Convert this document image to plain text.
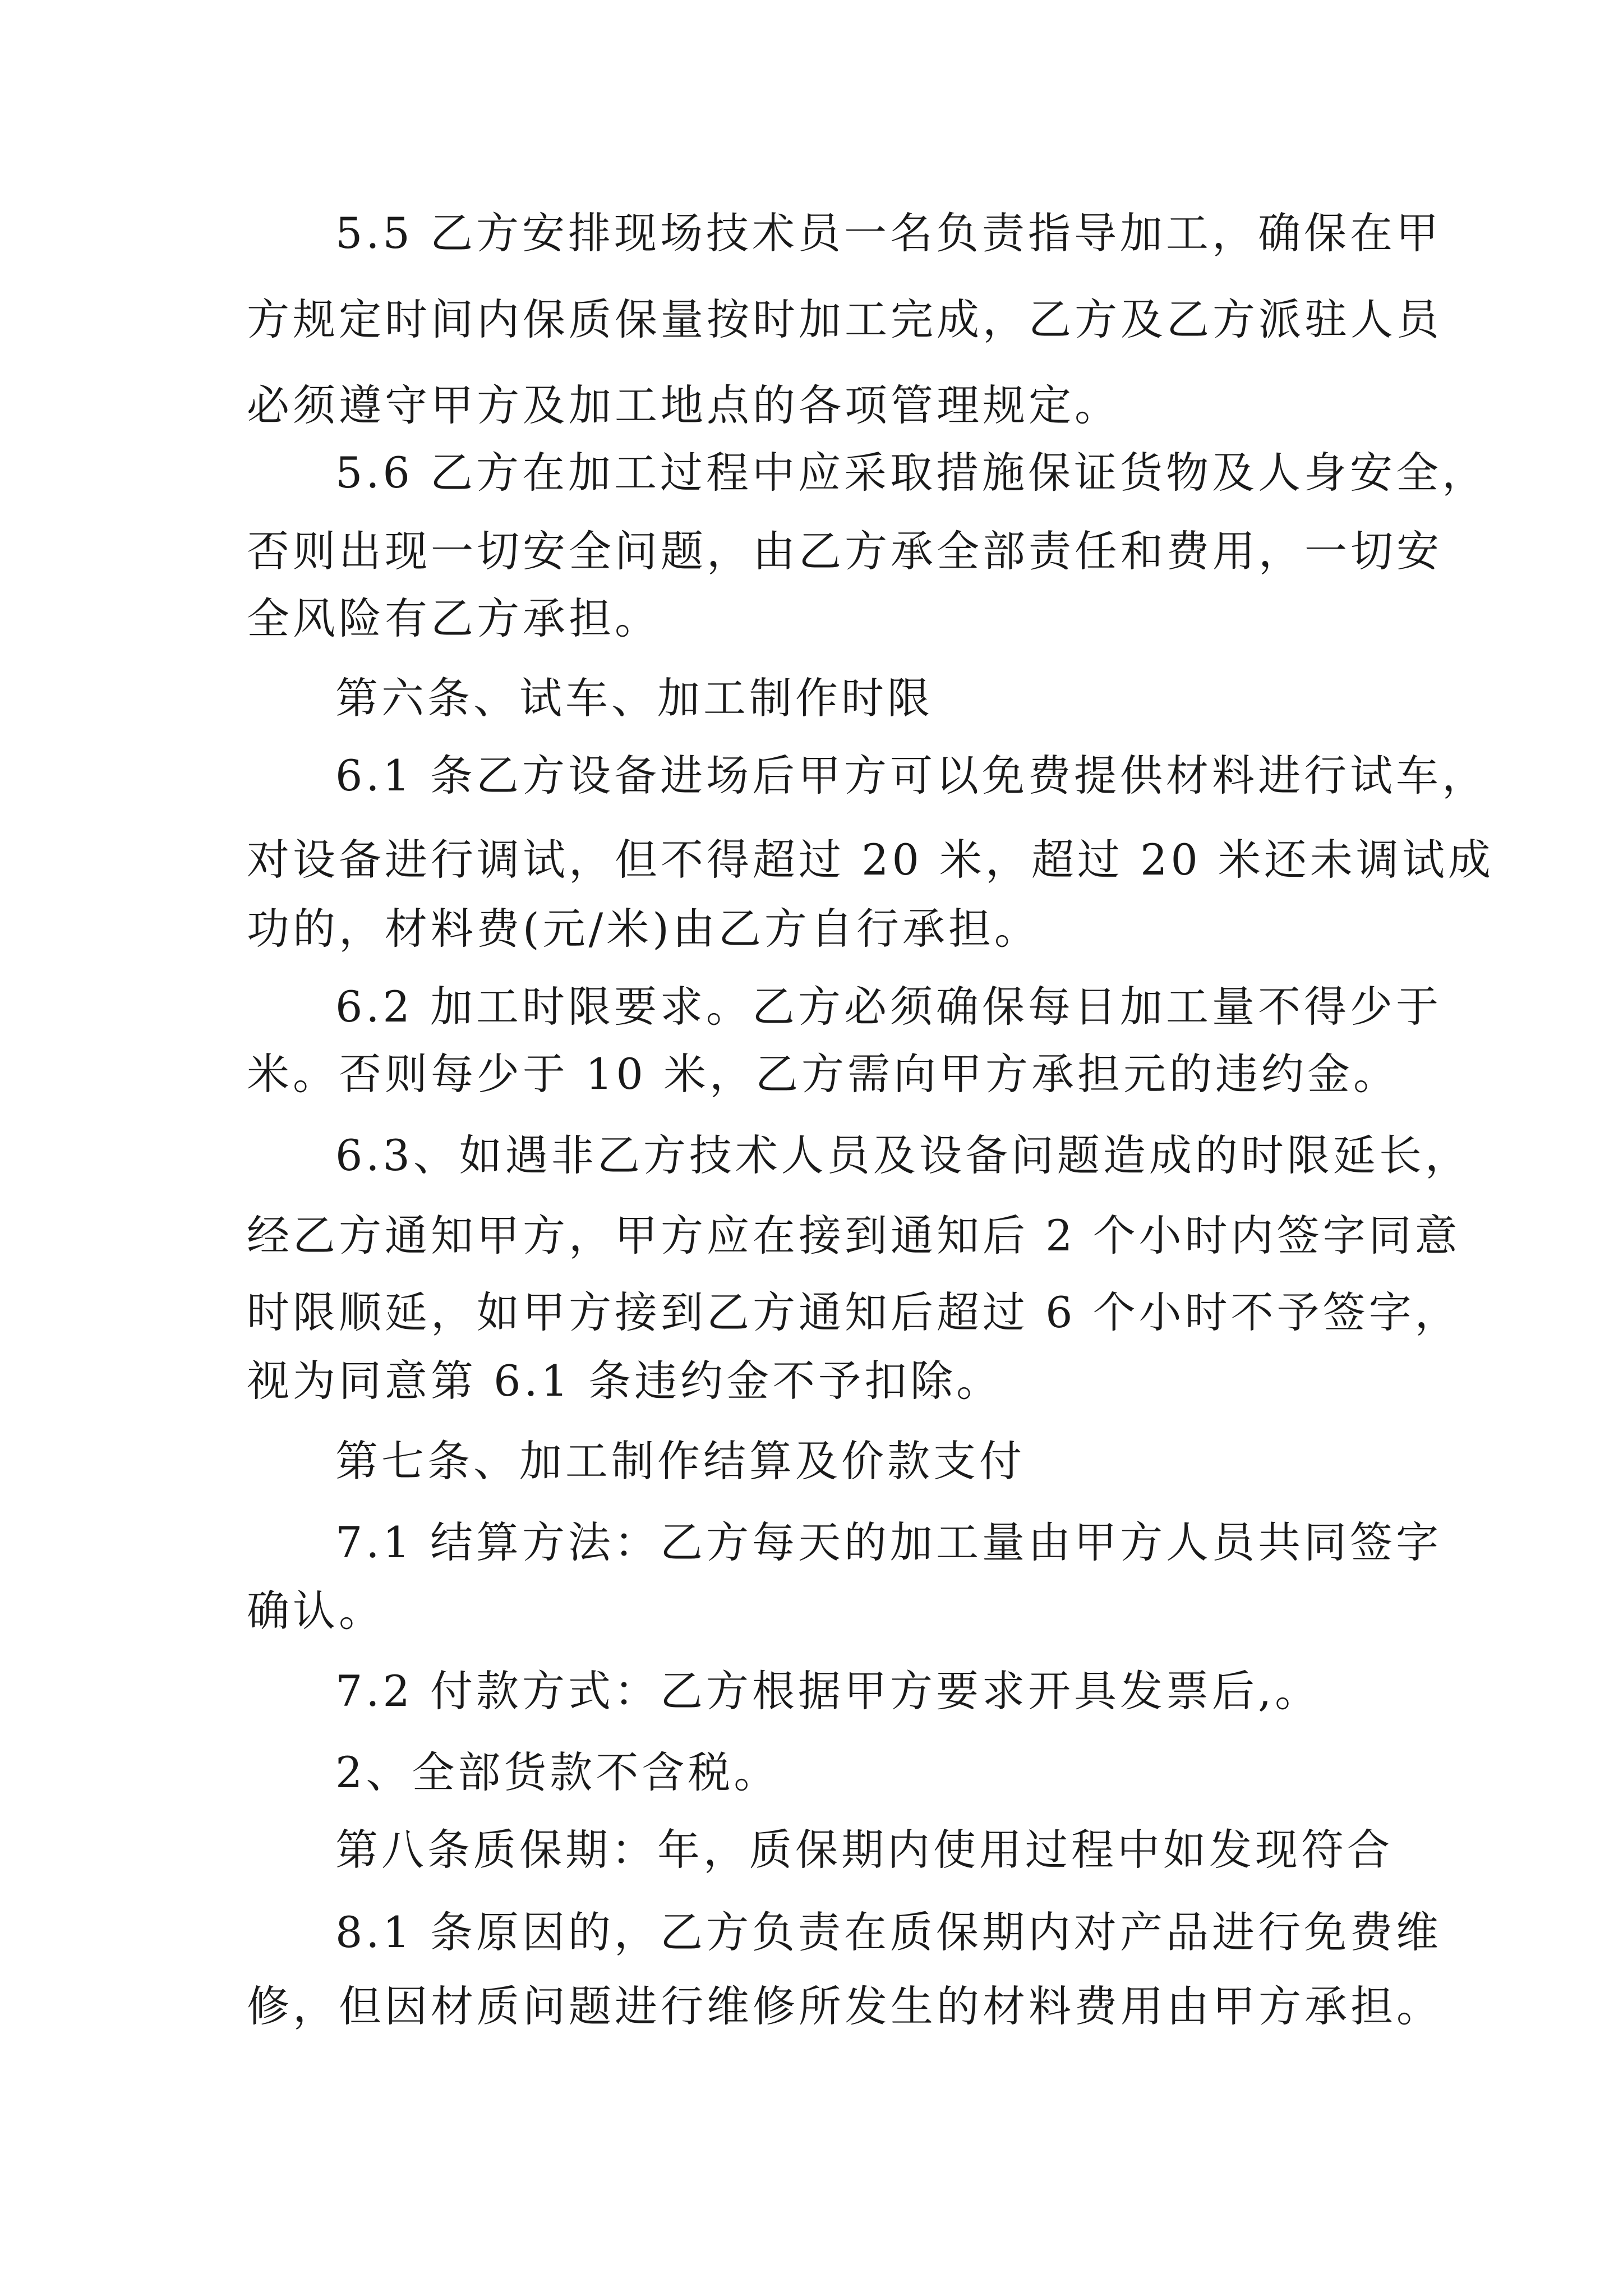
5.5 乙方安排现场技术员一名负责指导加工，确保在甲

方规定时间内保质保量按时加工完成，乙方及乙方派驻人员

必须遵守甲方及加工地点的各项管理规定。

5.6 乙方在加工过程中应采取措施保证货物及人身安全，

否则出现一切安全问题，由乙方承全部责任和费用，一切安

全风险有乙方承担。

第六条、试车、加工制作时限

6.1 条乙方设备进场后甲方可以免费提供材料进行试车，

对设备进行调试，但不得超过 20 米，超过 20 米还未调试成

功的，材料费(元/米)由乙方自行承担。

6.2 加工时限要求。乙方必须确保每日加工量不得少于

米。否则每少于 10 米，乙方需向甲方承担元的违约金。

6.3、如遇非乙方技术人员及设备问题造成的时限延长，

经乙方通知甲方，甲方应在接到通知后 2 个小时内签字同意

时限顺延，如甲方接到乙方通知后超过 6 个小时不予签字，

视为同意第 6.1 条违约金不予扣除。

第七条、加工制作结算及价款支付

7.1 结算方法：乙方每天的加工量由甲方人员共同签字

确认。

7.2 付款方式：乙方根据甲方要求开具发票后,。

2、全部货款不含税。

第八条质保期：年，质保期内使用过程中如发现符合

8.1 条原因的，乙方负责在质保期内对产品进行免费维

修，但因材质问题进行维修所发生的材料费用由甲方承担。
